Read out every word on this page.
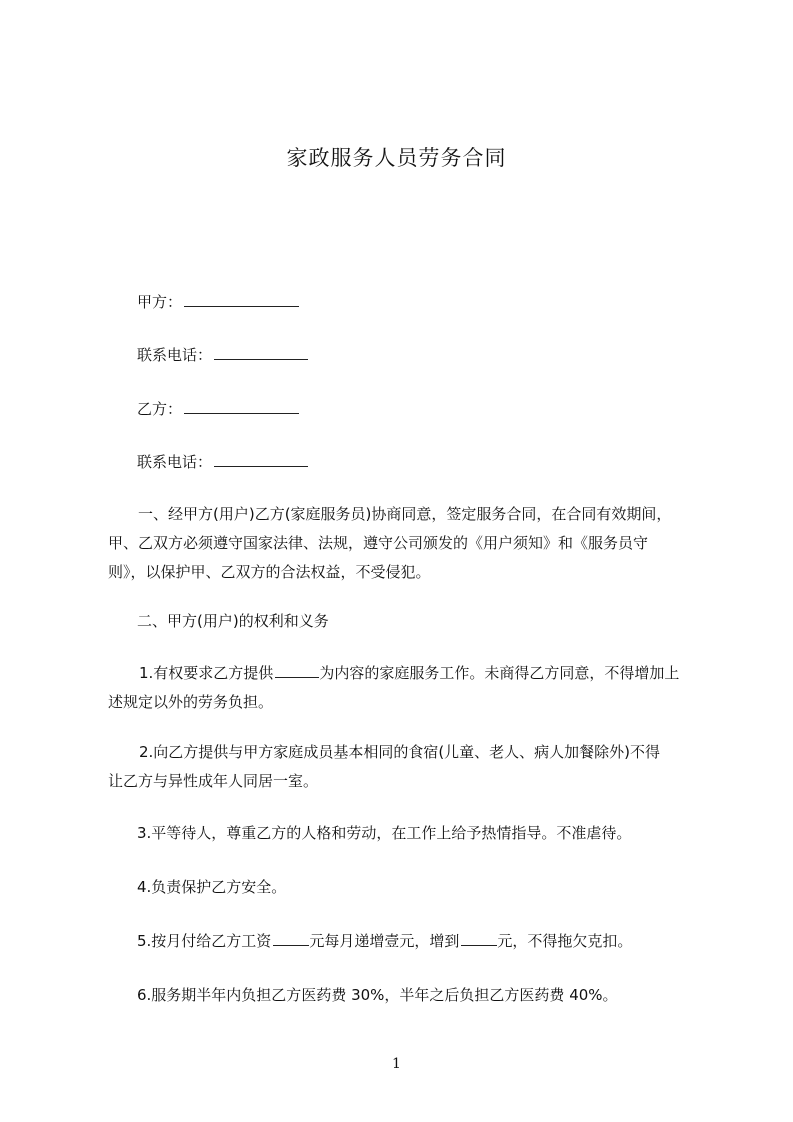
家政服务人员劳务合同
甲方：
联系电话：
乙方：
联系电话：
一、经甲方(用户)乙方(家庭服务员)协商同意，签定服务合同，在合同有效期间，
甲、乙双方必须遵守国家法律、法规，遵守公司颁发的《用户须知》和《服务员守
则》，以保护甲、乙双方的合法权益，不受侵犯。
二、甲方(用户)的权利和义务
1.有权要求乙方提供	为内容的家庭服务工作。未商得乙方同意，不得增加上
述规定以外的劳务负担。
2.向乙方提供与甲方家庭成员基本相同的食宿(儿童、老人、病人加餐除外)不得
让乙方与异性成年人同居一室。
3.平等待人，尊重乙方的人格和劳动，在工作上给予热情指导。不准虐待。
4.负责保护乙方安全。
5.按月付给乙方工资	元每月递增壹元，增到	元，不得拖欠克扣。
6.服务期半年内负担乙方医药费 30%，半年之后负担乙方医药费 40%。
1
